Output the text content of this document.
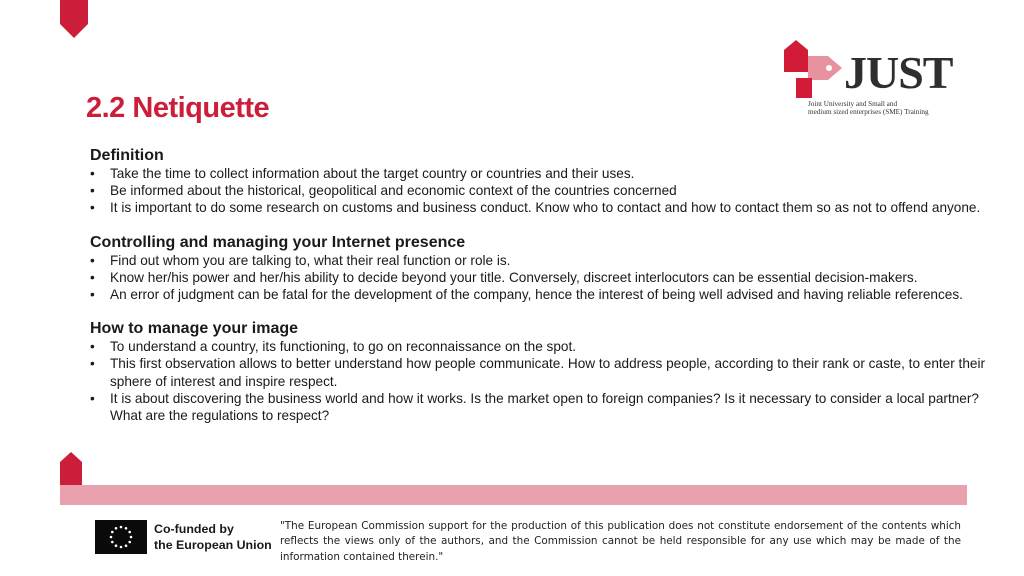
JUST
Joint University and Small and
medium sized enterprises (SME) Training
2.2 Netiquette
Definition
• Take the time to collect information about the target country or countries and their uses.
• Be informed about the historical, geopolitical and economic context of the countries concerned
• It is important to do some research on customs and business conduct. Know who to contact and how to contact them so as not to offend anyone.
Controlling and managing your Internet presence
• Find out whom you are talking to, what their real function or role is.
• Know her/his power and her/his ability to decide beyond your title. Conversely, discreet interlocutors can be essential decision-makers.
• An error of judgment can be fatal for the development of the company, hence the interest of being well advised and having reliable references.
How to manage your image
• To understand a country, its functioning, to go on reconnaissance on the spot.
• This first observation allows to better understand how people communicate. How to address people, according to their rank or caste, to enter their sphere of interest and inspire respect.
• It is about discovering the business world and how it works. Is the market open to foreign companies? Is it necessary to consider a local partner? What are the regulations to respect?
Co-funded by
the European Union
"The European Commission support for the production of this publication does not constitute endorsement of the contents which reflects the views only of the authors, and the Commission cannot be held responsible for any use which may be made of the information contained therein."
